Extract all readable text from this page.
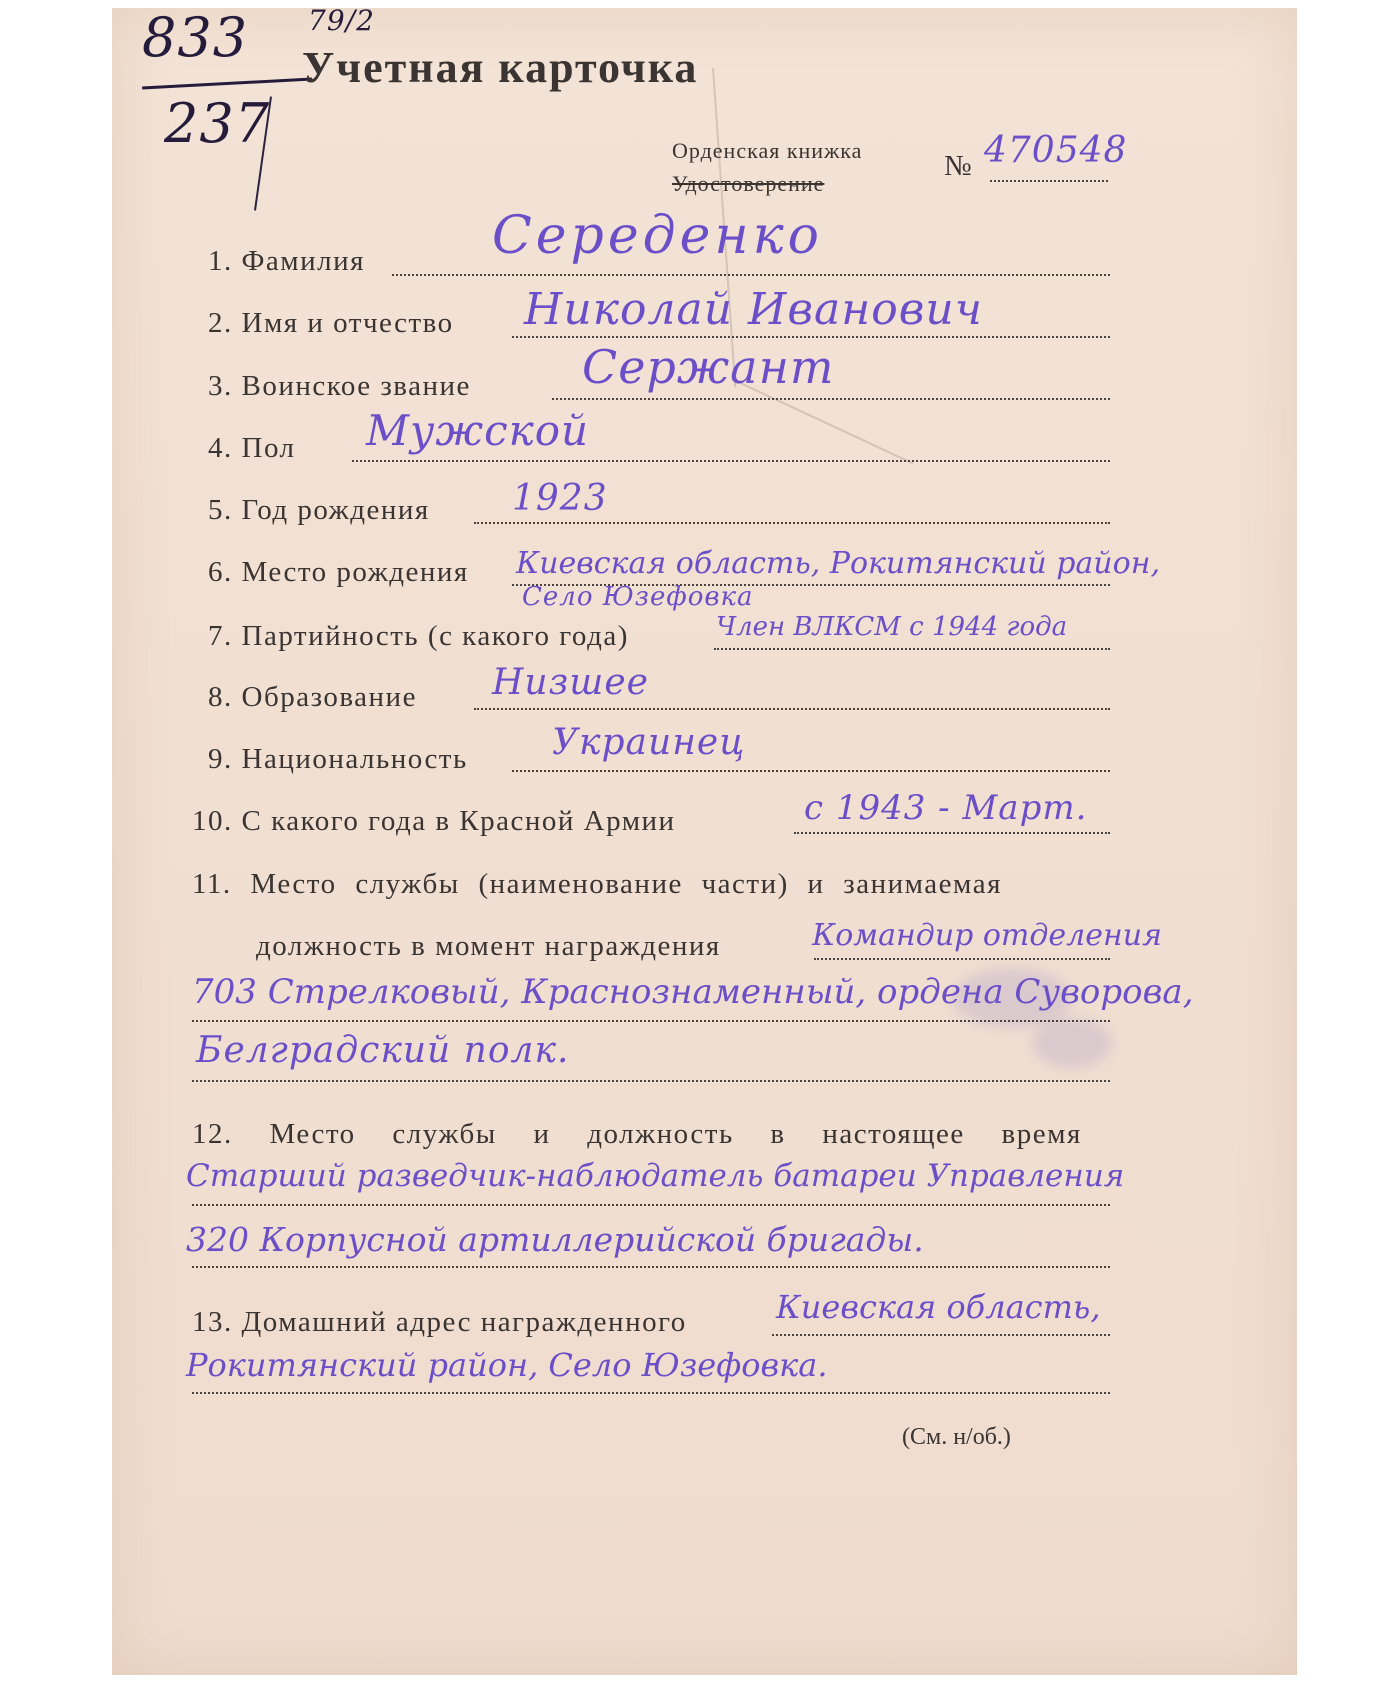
833 79/2
237
Учетная карточка
Орденская книжка
Удостоверение
№ 470548
1. Фамилия Середенко
2. Имя и отчество Николай Иванович
3. Воинское звание Сержант
4. Пол Мужской
5. Год рождения 1923
6. Место рождения Киевская область, Рокитянский район,
Село Юзефовка
7. Партийность (с какого года)	Член ВЛКСМ с 1944 года
8. Образование Низшее
9. Национальность Украинец
10. С какого года в Красной Армии	с 1943 - Март.
11. Место службы (наименование части) и занимаемая
должность в момент награждения	Командир отделения
703 Стрелковый, Краснознаменный, ордена Суворова,
Белградский полк.
12. Место службы и должность в настоящее время
Старший разведчик-наблюдатель батареи Управления
320 Корпусной артиллерийской бригады.
13. Домашний адрес награжденного	Киевская область,
Рокитянский район, Село Юзефовка.
(См. н/об.)
